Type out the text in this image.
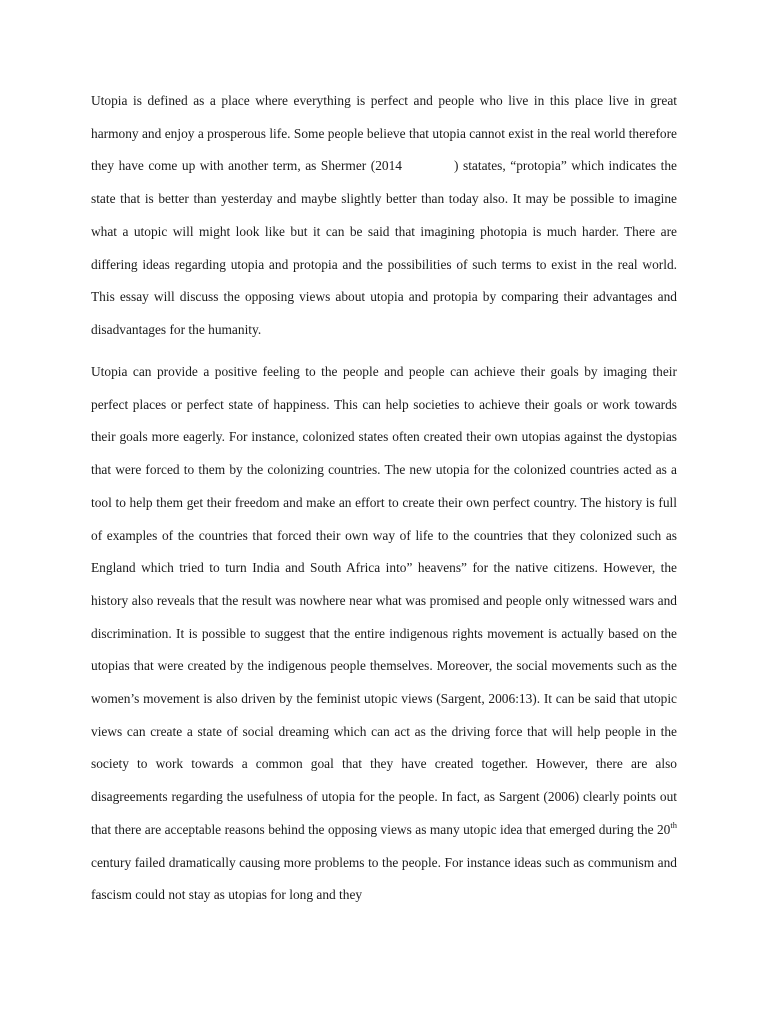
Utopia is defined as a place where everything is perfect and people who live in this place live in great harmony and enjoy a prosperous life. Some people believe that utopia cannot exist in the real world therefore they have come up with another term, as Shermer (2014	) statates, “protopia” which indicates the state that is better than yesterday and maybe slightly better than today also. It may be possible to imagine what a utopic will might look like but it can be said that imagining photopia is much harder. There are differing ideas regarding utopia and protopia and the possibilities of such terms to exist in the real world. This essay will discuss the opposing views about utopia and protopia by comparing their advantages and disadvantages for the humanity.

Utopia can provide a positive feeling to the people and people can achieve their goals by imaging their perfect places or perfect state of happiness. This can help societies to achieve their goals or work towards their goals more eagerly. For instance, colonized states often created their own utopias against the dystopias that were forced to them by the colonizing countries. The new utopia for the colonized countries acted as a tool to help them get their freedom and make an effort to create their own perfect country. The history is full of examples of the countries that forced their own way of life to the countries that they colonized such as England which tried to turn India and South Africa into” heavens” for the native citizens. However, the history also reveals that the result was nowhere near what was promised and people only witnessed wars and discrimination. It is possible to suggest that the entire indigenous rights movement is actually based on the utopias that were created by the indigenous people themselves. Moreover, the social movements such as the women’s movement is also driven by the feminist utopic views (Sargent, 2006:13). It can be said that utopic views can create a state of social dreaming which can act as the driving force that will help people in the society to work towards a common goal that they have created together. However, there are also disagreements regarding the usefulness of utopia for the people. In fact, as Sargent (2006) clearly points out that there are acceptable reasons behind the opposing views as many utopic idea that emerged during the 20th century failed dramatically causing more problems to the people. For instance ideas such as communism and fascism could not stay as utopias for long and they
